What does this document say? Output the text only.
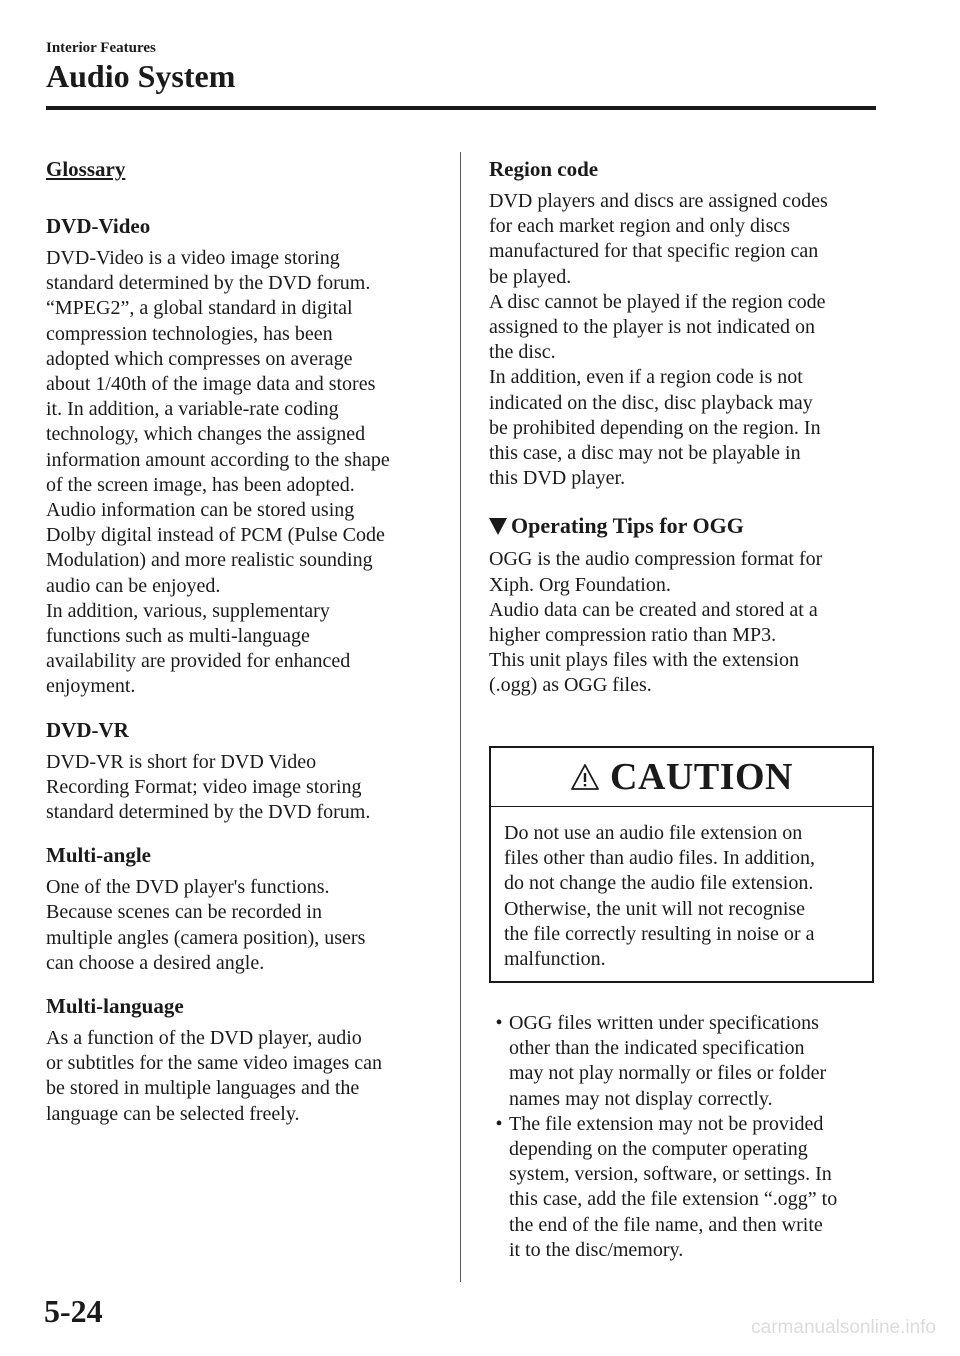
Interior Features
Audio System
Glossary
DVD-Video
DVD-Video is a video image storing
standard determined by the DVD forum.
“MPEG2”, a global standard in digital
compression technologies, has been
adopted which compresses on average
about 1/40th of the image data and stores
it. In addition, a variable-rate coding
technology, which changes the assigned
information amount according to the shape
of the screen image, has been adopted.
Audio information can be stored using
Dolby digital instead of PCM (Pulse Code
Modulation) and more realistic sounding
audio can be enjoyed.
In addition, various, supplementary
functions such as multi-language
availability are provided for enhanced
enjoyment.
DVD-VR
DVD-VR is short for DVD Video
Recording Format; video image storing
standard determined by the DVD forum.
Multi-angle
One of the DVD player's functions.
Because scenes can be recorded in
multiple angles (camera position), users
can choose a desired angle.
Multi-language
As a function of the DVD player, audio
or subtitles for the same video images can
be stored in multiple languages and the
language can be selected freely.
Region code
DVD players and discs are assigned codes
for each market region and only discs
manufactured for that specific region can
be played.
A disc cannot be played if the region code
assigned to the player is not indicated on
the disc.
In addition, even if a region code is not
indicated on the disc, disc playback may
be prohibited depending on the region. In
this case, a disc may not be playable in
this DVD player.
Operating Tips for OGG
OGG is the audio compression format for
Xiph. Org Foundation.
Audio data can be created and stored at a
higher compression ratio than MP3.
This unit plays files with the extension
(.ogg) as OGG files.
CAUTION
Do not use an audio file extension on
files other than audio files. In addition,
do not change the audio file extension.
Otherwise, the unit will not recognise
the file correctly resulting in noise or a
malfunction.
• OGG files written under specifications
other than the indicated specification
may not play normally or files or folder
names may not display correctly.
• The file extension may not be provided
depending on the computer operating
system, version, software, or settings. In
this case, add the file extension “.ogg” to
the end of the file name, and then write
it to the disc/memory.
5-24	carmanualsonline.info
